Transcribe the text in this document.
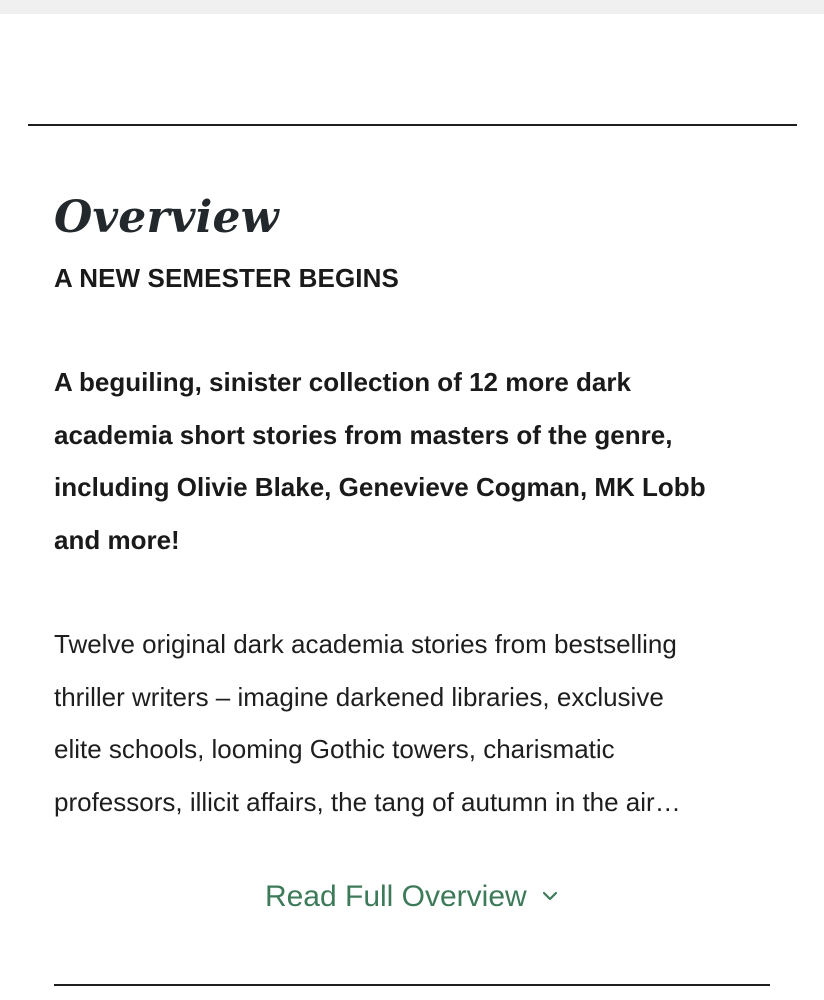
Overview
A NEW SEMESTER BEGINS

A beguiling, sinister collection of 12 more dark
academia short stories from masters of the genre,
including Olivie Blake, Genevieve Cogman, MK Lobb
and more!

Twelve original dark academia stories from bestselling
thriller writers – imagine darkened libraries, exclusive
elite schools, looming Gothic towers, charismatic
professors, illicit affairs, the tang of autumn in the air…

Read Full Overview
